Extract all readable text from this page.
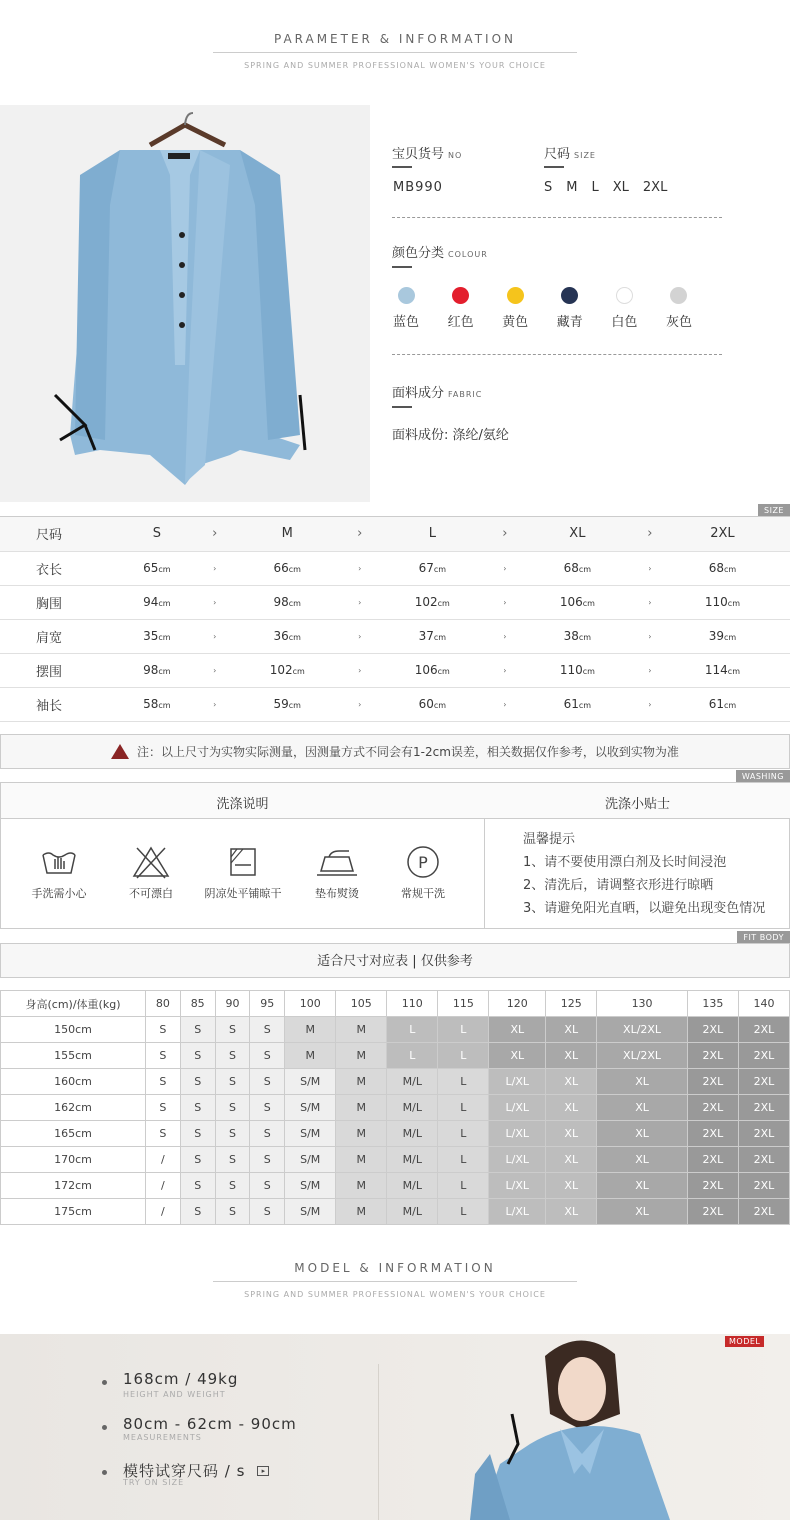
PARAMETER & INFORMATION
SPRING AND SUMMER PROFESSIONAL WOMEN'S YOUR CHOICE
宝贝货号 NO
MB990
尺码 SIZE
S M L XL 2XL
颜色分类 COLOUR
蓝色	红色	黄色	藏青	白色	灰色
面料成分 FABRIC
面料成份: 涤纶/氨纶
SIZE
尺码	S	›	M	›	L	›	XL	›	2XL
衣长	65cm	›	66cm	›	67cm	›	68cm	›	68cm
胸围	94cm	›	98cm	›	102cm	›	106cm	›	110cm
肩宽	35cm	›	36cm	›	37cm	›	38cm	›	39cm
摆围	98cm	›	102cm	›	106cm	›	110cm	›	114cm
袖长	58cm	›	59cm	›	60cm	›	61cm	›	61cm
注：以上尺寸为实物实际测量，因测量方式不同会有1-2cm误差，相关数据仅作参考，以收到实物为准
WASHING
洗涤说明	洗涤小贴士
手洗需小心	不可漂白	阴凉处平铺晾干	垫布熨烫
P
常规干洗
温馨提示
1、请不要使用漂白剂及长时间浸泡
2、清洗后，请调整衣形进行晾晒
3、请避免阳光直晒，以避免出现变色情况
FIT BODY
适合尺寸对应表 | 仅供参考
身高(cm)/体重(kg)	80	85	90	95	100	105	110	115	120	125	130	135	140
150cm	S	S	S	S	M	M	L	L	XL	XL	XL/2XL	2XL	2XL
155cm	S	S	S	S	M	M	L	L	XL	XL	XL/2XL	2XL	2XL
160cm	S	S	S	S	S/M	M	M/L	L	L/XL	XL	XL	2XL	2XL
162cm	S	S	S	S	S/M	M	M/L	L	L/XL	XL	XL	2XL	2XL
165cm	S	S	S	S	S/M	M	M/L	L	L/XL	XL	XL	2XL	2XL
170cm	/	S	S	S	S/M	M	M/L	L	L/XL	XL	XL	2XL	2XL
172cm	/	S	S	S	S/M	M	M/L	L	L/XL	XL	XL	2XL	2XL
175cm	/	S	S	S	S/M	M	M/L	L	L/XL	XL	XL	2XL	2XL
MODEL & INFORMATION
SPRING AND SUMMER PROFESSIONAL WOMEN'S YOUR CHOICE
168cm / 49kg
HEIGHT AND WEIGHT
80cm - 62cm - 90cm
MEASUREMENTS
模特试穿尺码 / s	▸
TRY ON SIZE
MODEL
